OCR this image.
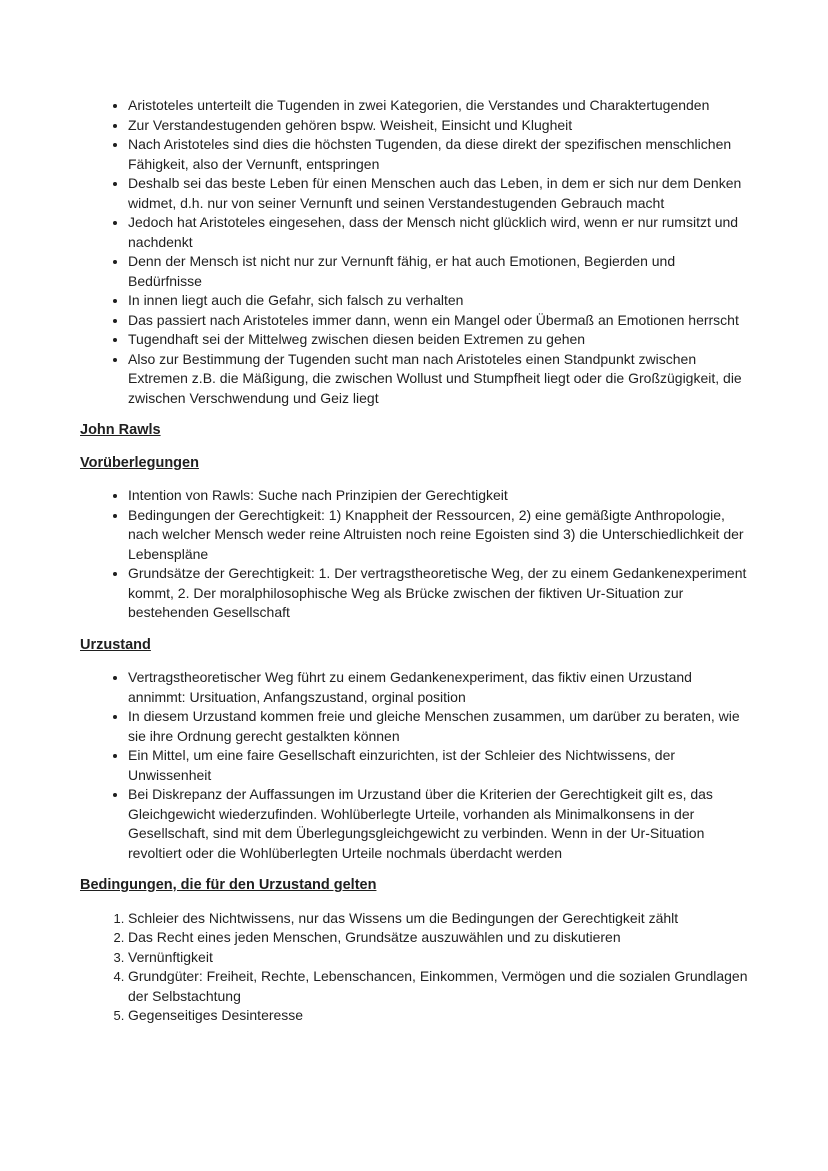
• Aristoteles unterteilt die Tugenden in zwei Kategorien, die Verstandes und Charaktertugenden
• Zur Verstandestugenden gehören bspw. Weisheit, Einsicht und Klugheit
• Nach Aristoteles sind dies die höchsten Tugenden, da diese direkt der spezifischen menschlichen Fähigkeit, also der Vernunft, entspringen
• Deshalb sei das beste Leben für einen Menschen auch das Leben, in dem er sich nur dem Denken widmet, d.h. nur von seiner Vernunft und seinen Verstandestugenden Gebrauch macht
• Jedoch hat Aristoteles eingesehen, dass der Mensch nicht glücklich wird, wenn er nur rumsitzt und nachdenkt
• Denn der Mensch ist nicht nur zur Vernunft fähig, er hat auch Emotionen, Begierden und Bedürfnisse
• In innen liegt auch die Gefahr, sich falsch zu verhalten
• Das passiert nach Aristoteles immer dann, wenn ein Mangel oder Übermaß an Emotionen herrscht
• Tugendhaft sei der Mittelweg zwischen diesen beiden Extremen zu gehen
• Also zur Bestimmung der Tugenden sucht man nach Aristoteles einen Standpunkt zwischen Extremen z.B. die Mäßigung, die zwischen Wollust und Stumpfheit liegt oder die Großzügigkeit, die zwischen Verschwendung und Geiz liegt
John Rawls
Vorüberlegungen
• Intention von Rawls: Suche nach Prinzipien der Gerechtigkeit
• Bedingungen der Gerechtigkeit: 1) Knappheit der Ressourcen, 2) eine gemäßigte Anthropologie, nach welcher Mensch weder reine Altruisten noch reine Egoisten sind 3) die Unterschiedlichkeit der Lebenspläne
• Grundsätze der Gerechtigkeit: 1. Der vertragstheoretische Weg, der zu einem Gedankenexperiment kommt, 2. Der moralphilosophische Weg als Brücke zwischen der fiktiven Ur-Situation zur bestehenden Gesellschaft
Urzustand
• Vertragstheoretischer Weg führt zu einem Gedankenexperiment, das fiktiv einen Urzustand annimmt: Ursituation, Anfangszustand, orginal position
• In diesem Urzustand kommen freie und gleiche Menschen zusammen, um darüber zu beraten, wie sie ihre Ordnung gerecht gestalkten können
• Ein Mittel, um eine faire Gesellschaft einzurichten, ist der Schleier des Nichtwissens, der Unwissenheit
• Bei Diskrepanz der Auffassungen im Urzustand über die Kriterien der Gerechtigkeit gilt es, das Gleichgewicht wiederzufinden. Wohlüberlegte Urteile, vorhanden als Minimalkonsens in der Gesellschaft, sind mit dem Überlegungsgleichgewicht zu verbinden. Wenn in der Ur-Situation revoltiert oder die Wohlüberlegten Urteile nochmals überdacht werden
Bedingungen, die für den Urzustand gelten
1. Schleier des Nichtwissens, nur das Wissens um die Bedingungen der Gerechtigkeit zählt
2. Das Recht eines jeden Menschen, Grundsätze auszuwählen und zu diskutieren
3. Vernünftigkeit
4. Grundgüter: Freiheit, Rechte, Lebenschancen, Einkommen, Vermögen und die sozialen Grundlagen der Selbstachtung
5. Gegenseitiges Desinteresse
